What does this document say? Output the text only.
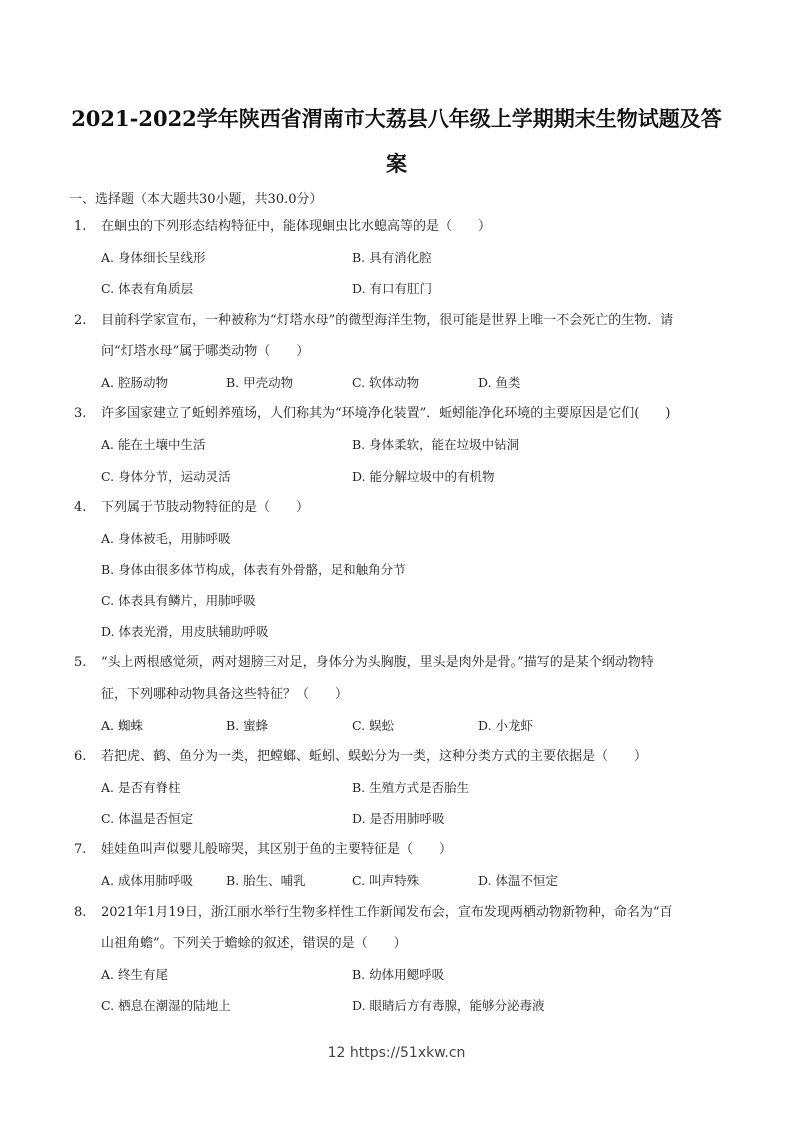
2021-2022学年陕西省渭南市大荔县八年级上学期期末生物试题及答
案
一、选择题（本大题共30小题，共30.0分）
1. 在蛔虫的下列形态结构特征中，能体现蛔虫比水螅高等的是（　　）
A. 身体细长呈线形	B. 具有消化腔
C. 体表有角质层	D. 有口有肛门
2. 目前科学家宣布，一种被称为“灯塔水母”的微型海洋生物，很可能是世界上唯一不会死亡的生物．请
问“灯塔水母”属于哪类动物（　　）
A. 腔肠动物	B. 甲壳动物	C. 软体动物	D. 鱼类
3. 许多国家建立了蚯蚓养殖场，人们称其为“环境净化装置”．蚯蚓能净化环境的主要原因是它们(　　)
A. 能在土壤中生活	B. 身体柔软，能在垃圾中钻洞
C. 身体分节，运动灵活	D. 能分解垃圾中的有机物
4. 下列属于节肢动物特征的是（　　）
A. 身体被毛，用肺呼吸
B. 身体由很多体节构成，体表有外骨骼，足和触角分节
C. 体表具有鳞片，用肺呼吸
D. 体表光滑，用皮肤辅助呼吸
5. “头上两根感觉须，两对翅膀三对足，身体分为头胸腹，里头是肉外是骨。”描写的是某个纲动物特
征，下列哪种动物具备这些特征？（　　）
A. 蜘蛛	B. 蜜蜂	C. 蜈蚣	D. 小龙虾
6. 若把虎、鹤、鱼分为一类，把螳螂、蚯蚓、蜈蚣分为一类，这种分类方式的主要依据是（　　）
A. 是否有脊柱	B. 生殖方式是否胎生
C. 体温是否恒定	D. 是否用肺呼吸
7. 娃娃鱼叫声似婴儿般啼哭，其区别于鱼的主要特征是（　　）
A. 成体用肺呼吸	B. 胎生、哺乳	C. 叫声特殊	D. 体温不恒定
8. 2021年1月19日，浙江丽水举行生物多样性工作新闻发布会，宣布发现两栖动物新物种，命名为“百
山祖角蟾”。下列关于蟾蜍的叙述，错误的是（　　）
A. 终生有尾	B. 幼体用鳃呼吸
C. 栖息在潮湿的陆地上	D. 眼睛后方有毒腺，能够分泌毒液
12 https://51xkw.cn
